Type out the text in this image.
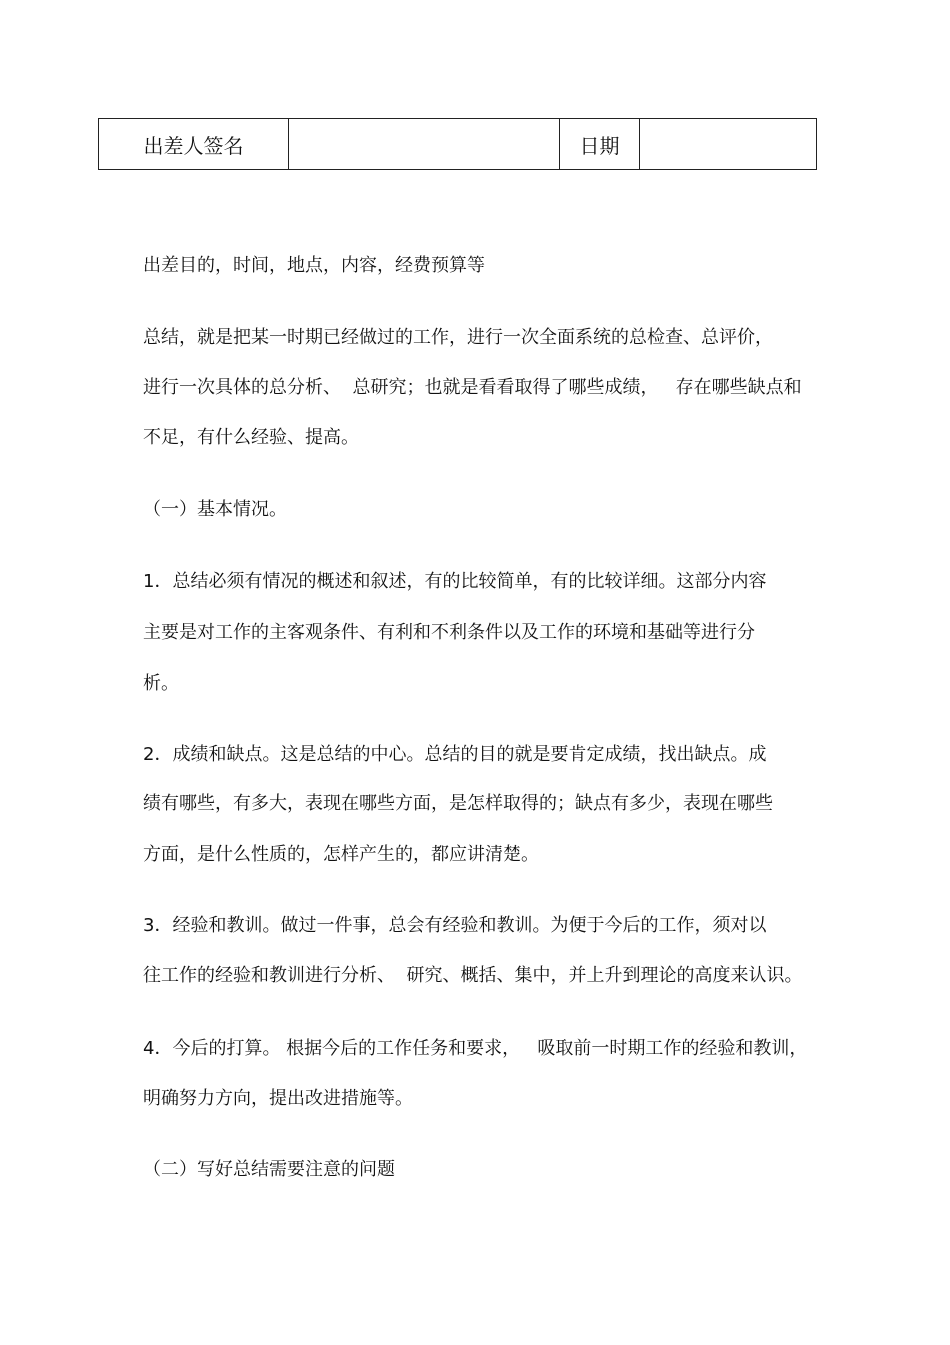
出差人签名		日期	
出差目的，时间，地点，内容，经费预算等
总结，就是把某一时期已经做过的工作，进行一次全面系统的总检查、总评价，
进行一次具体的总分析、  总研究；也就是看看取得了哪些成绩，   存在哪些缺点和
不足，有什么经验、提高。
（一）基本情况。
1．总结必须有情况的概述和叙述，有的比较简单，有的比较详细。这部分内容
主要是对工作的主客观条件、有利和不利条件以及工作的环境和基础等进行分
析。
2．成绩和缺点。这是总结的中心。总结的目的就是要肯定成绩，找出缺点。成
绩有哪些，有多大，表现在哪些方面，是怎样取得的；缺点有多少，表现在哪些
方面，是什么性质的，怎样产生的，都应讲清楚。
3．经验和教训。做过一件事，总会有经验和教训。为便于今后的工作，须对以
往工作的经验和教训进行分析、  研究、概括、集中，并上升到理论的高度来认识。
4．今后的打算。 根据今后的工作任务和要求，   吸取前一时期工作的经验和教训，
明确努力方向，提出改进措施等。
（二）写好总结需要注意的问题
